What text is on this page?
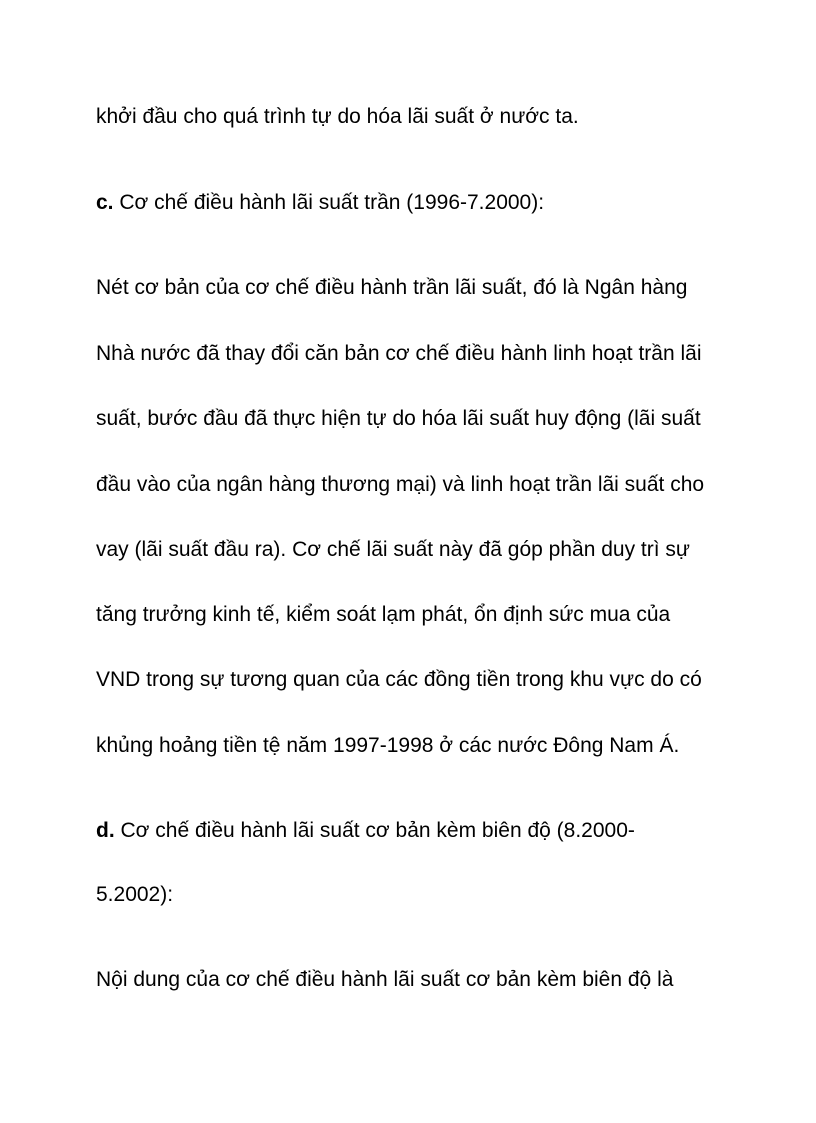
khởi đầu cho quá trình tự do hóa lãi suất ở nước ta.

c. Cơ chế điều hành lãi suất trần (1996-7.2000):

Nét cơ bản của cơ chế điều hành trần lãi suất, đó là Ngân hàng

Nhà nước đã thay đổi căn bản cơ chế điều hành linh hoạt trần lãi

suất, bước đầu đã thực hiện tự do hóa lãi suất huy động (lãi suất

đầu vào của ngân hàng thương mại) và linh hoạt trần lãi suất cho

vay (lãi suất đầu ra). Cơ chế lãi suất này đã góp phần duy trì sự

tăng trưởng kinh tế, kiểm soát lạm phát, ổn định sức mua của

VND trong sự tương quan của các đồng tiền trong khu vực do có

khủng hoảng tiền tệ năm 1997-1998 ở các nước Đông Nam Á.

d. Cơ chế điều hành lãi suất cơ bản kèm biên độ (8.2000-

5.2002):

Nội dung của cơ chế điều hành lãi suất cơ bản kèm biên độ là
